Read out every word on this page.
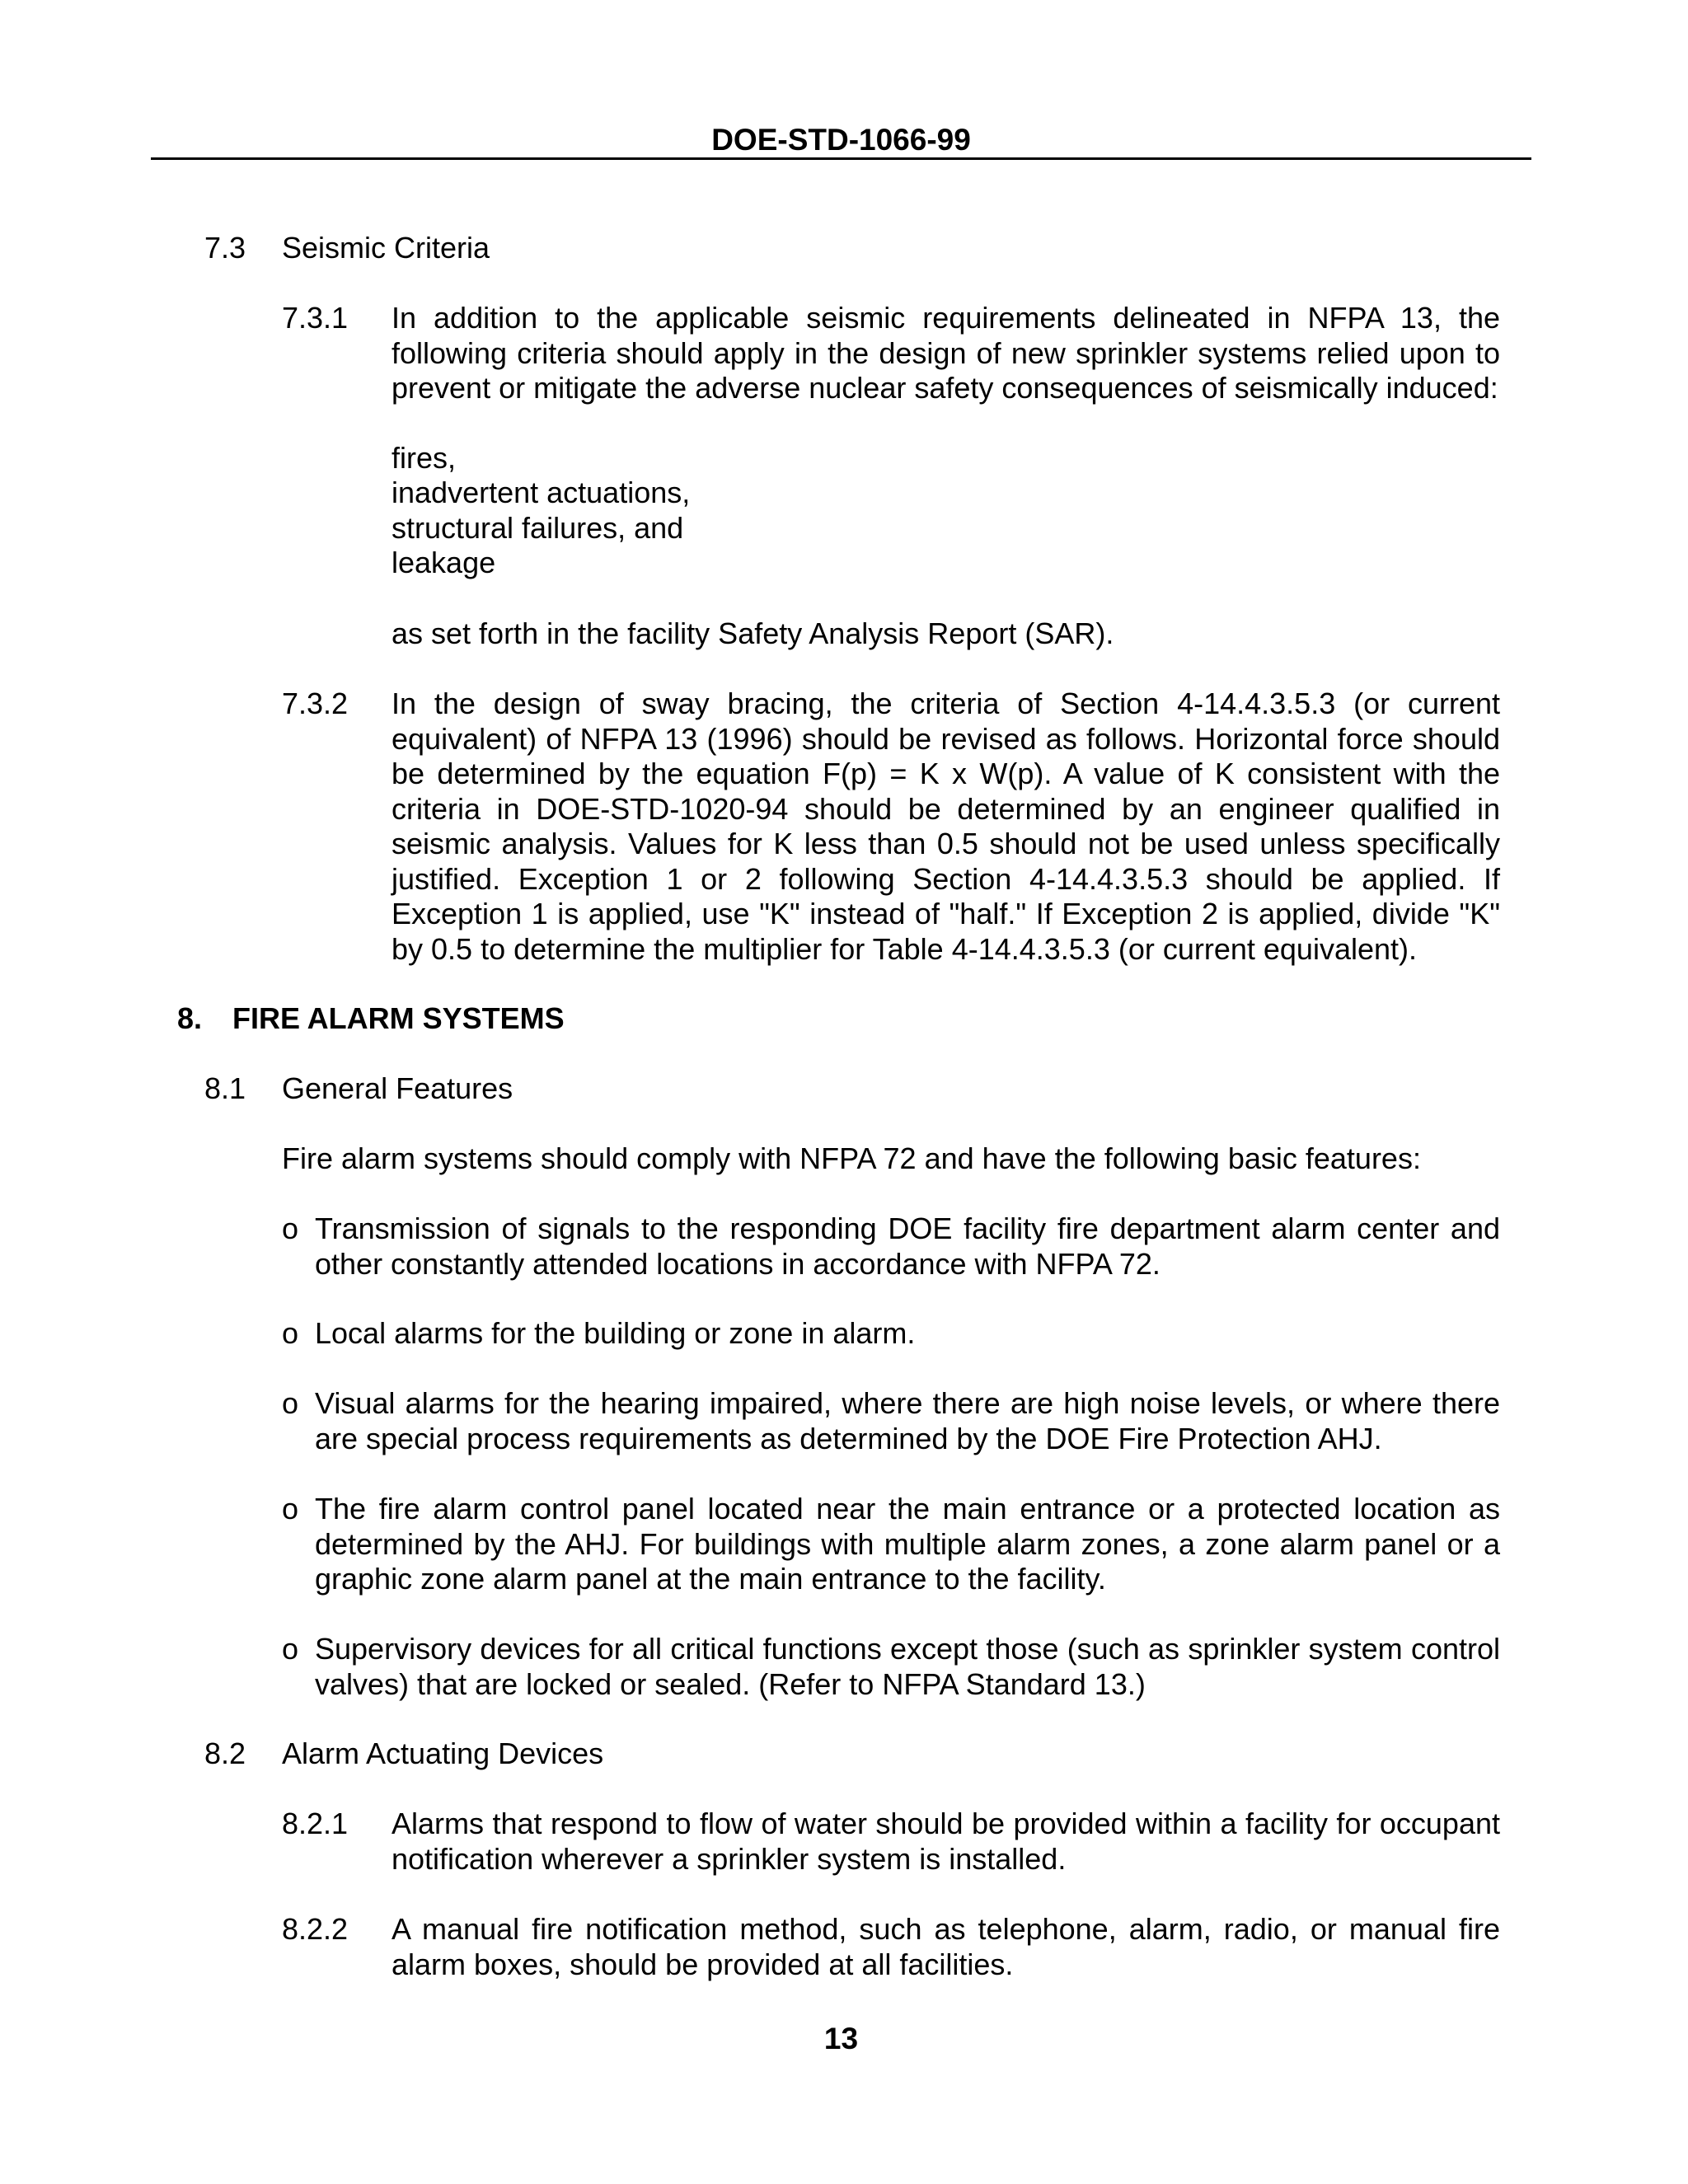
DOE-STD-1066-99
7.3 Seismic Criteria
7.3.1 In addition to the applicable seismic requirements delineated in NFPA 13, the following criteria should apply in the design of new sprinkler systems relied upon to prevent or mitigate the adverse nuclear safety consequences of seismically induced:
fires,
inadvertent actuations,
structural failures, and
leakage
as set forth in the facility Safety Analysis Report (SAR).
7.3.2 In the design of sway bracing, the criteria of Section 4-14.4.3.5.3 (or current equivalent) of NFPA 13 (1996) should be revised as follows. Horizontal force should be determined by the equation F(p) = K x W(p). A value of K consistent with the criteria in DOE-STD-1020-94 should be determined by an engineer qualified in seismic analysis. Values for K less than 0.5 should not be used unless specifically justified. Exception 1 or 2 following Section 4-14.4.3.5.3 should be applied. If Exception 1 is applied, use "K" instead of "half." If Exception 2 is applied, divide "K" by 0.5 to determine the multiplier for Table 4-14.4.3.5.3 (or current equivalent).
8. FIRE ALARM SYSTEMS
8.1 General Features
Fire alarm systems should comply with NFPA 72 and have the following basic features:
o Transmission of signals to the responding DOE facility fire department alarm center and other constantly attended locations in accordance with NFPA 72.
o Local alarms for the building or zone in alarm.
o Visual alarms for the hearing impaired, where there are high noise levels, or where there are special process requirements as determined by the DOE Fire Protection AHJ.
o The fire alarm control panel located near the main entrance or a protected location as determined by the AHJ. For buildings with multiple alarm zones, a zone alarm panel or a graphic zone alarm panel at the main entrance to the facility.
o Supervisory devices for all critical functions except those (such as sprinkler system control valves) that are locked or sealed. (Refer to NFPA Standard 13.)
8.2 Alarm Actuating Devices
8.2.1 Alarms that respond to flow of water should be provided within a facility for occupant notification wherever a sprinkler system is installed.
8.2.2 A manual fire notification method, such as telephone, alarm, radio, or manual fire alarm boxes, should be provided at all facilities.
13
